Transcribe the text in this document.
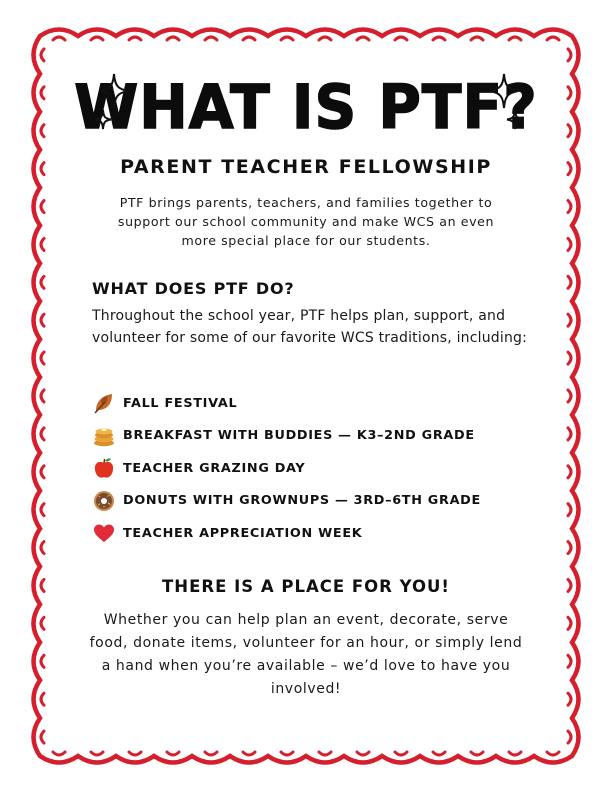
WHAT IS PTF?
PARENT TEACHER FELLOWSHIP
PTF brings parents, teachers, and families together to support our school community and make WCS an even more special place for our students.
WHAT DOES PTF DO?
Throughout the school year, PTF helps plan, support, and volunteer for some of our favorite WCS traditions, including:
FALL FESTIVAL
BREAKFAST WITH BUDDIES — K3–2ND GRADE
TEACHER GRAZING DAY
DONUTS WITH GROWNUPS — 3RD–6TH GRADE
TEACHER APPRECIATION WEEK
THERE IS A PLACE FOR YOU!
Whether you can help plan an event, decorate, serve food, donate items, volunteer for an hour, or simply lend a hand when you’re available – we’d love to have you involved!
